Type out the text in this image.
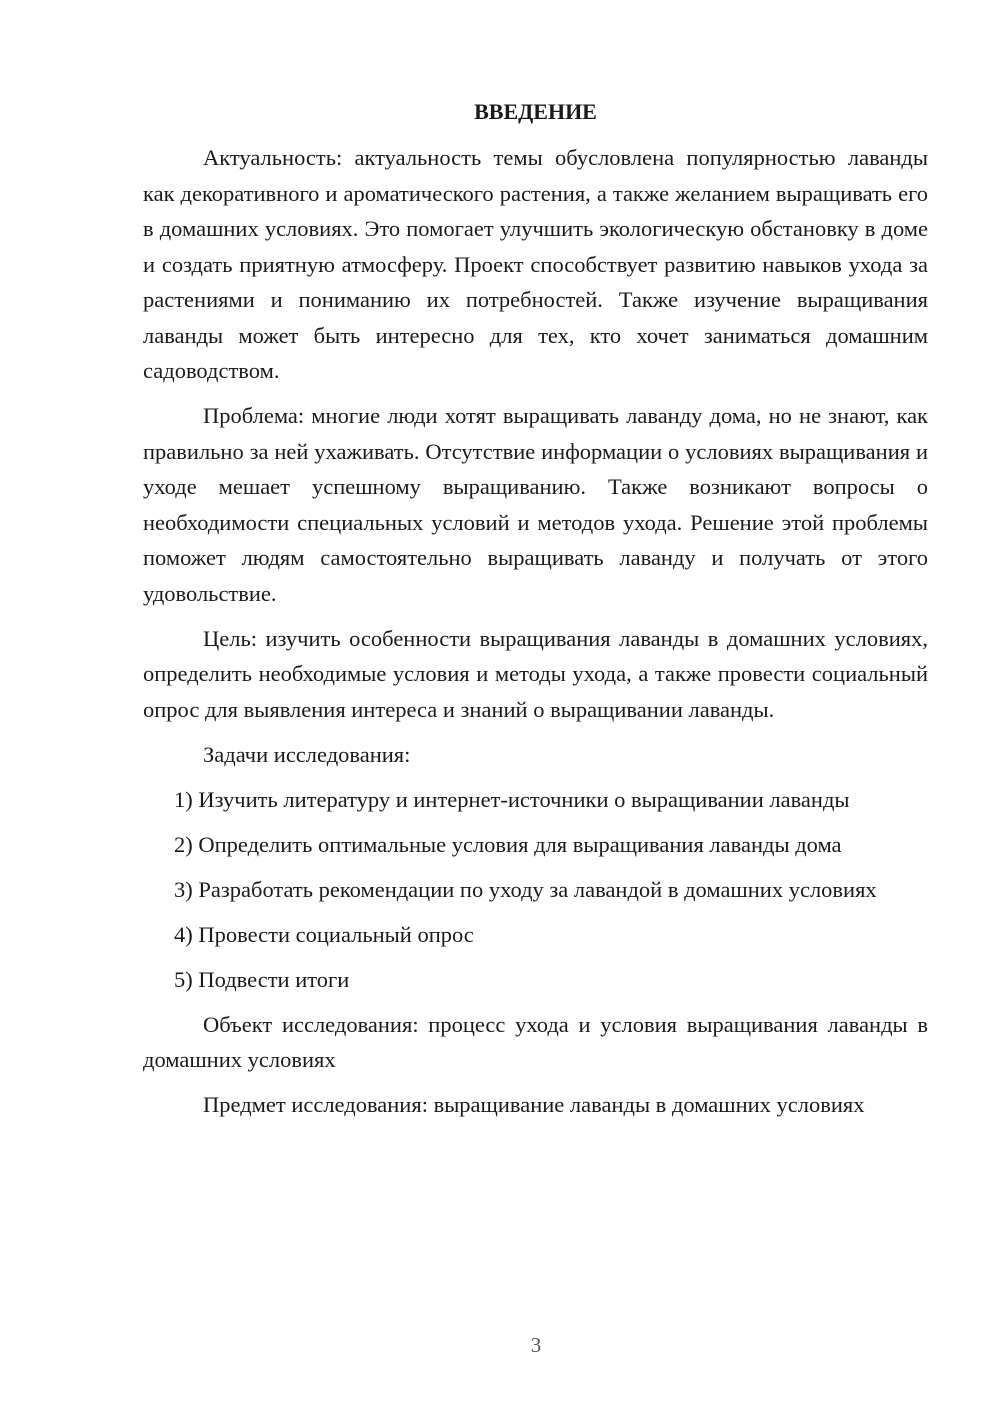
ВВЕДЕНИЕ

Актуальность: актуальность темы обусловлена популярностью лаванды как декоративного и ароматического растения, а также желанием выращивать его в домашних условиях. Это помогает улучшить экологическую обстановку в доме и создать приятную атмосферу. Проект способствует развитию навыков ухода за растениями и пониманию их потребностей. Также изучение выращивания лаванды может быть интересно для тех, кто хочет заниматься домашним садоводством.

Проблема: многие люди хотят выращивать лаванду дома, но не знают, как правильно за ней ухаживать. Отсутствие информации о условиях выращивания и уходе мешает успешному выращиванию. Также возникают вопросы о необходимости специальных условий и методов ухода. Решение этой проблемы поможет людям самостоятельно выращивать лаванду и получать от этого удовольствие.

Цель: изучить особенности выращивания лаванды в домашних условиях, определить необходимые условия и методы ухода, а также провести социальный опрос для выявления интереса и знаний о выращивании лаванды.

Задачи исследования:

1) Изучить литературу и интернет-источники о выращивании лаванды

2) Определить оптимальные условия для выращивания лаванды дома

3) Разработать рекомендации по уходу за лавандой в домашних условиях

4) Провести социальный опрос

5) Подвести итоги

Объект исследования: процесс ухода и условия выращивания лаванды в домашних условиях

Предмет исследования: выращивание лаванды в домашних условиях

3
